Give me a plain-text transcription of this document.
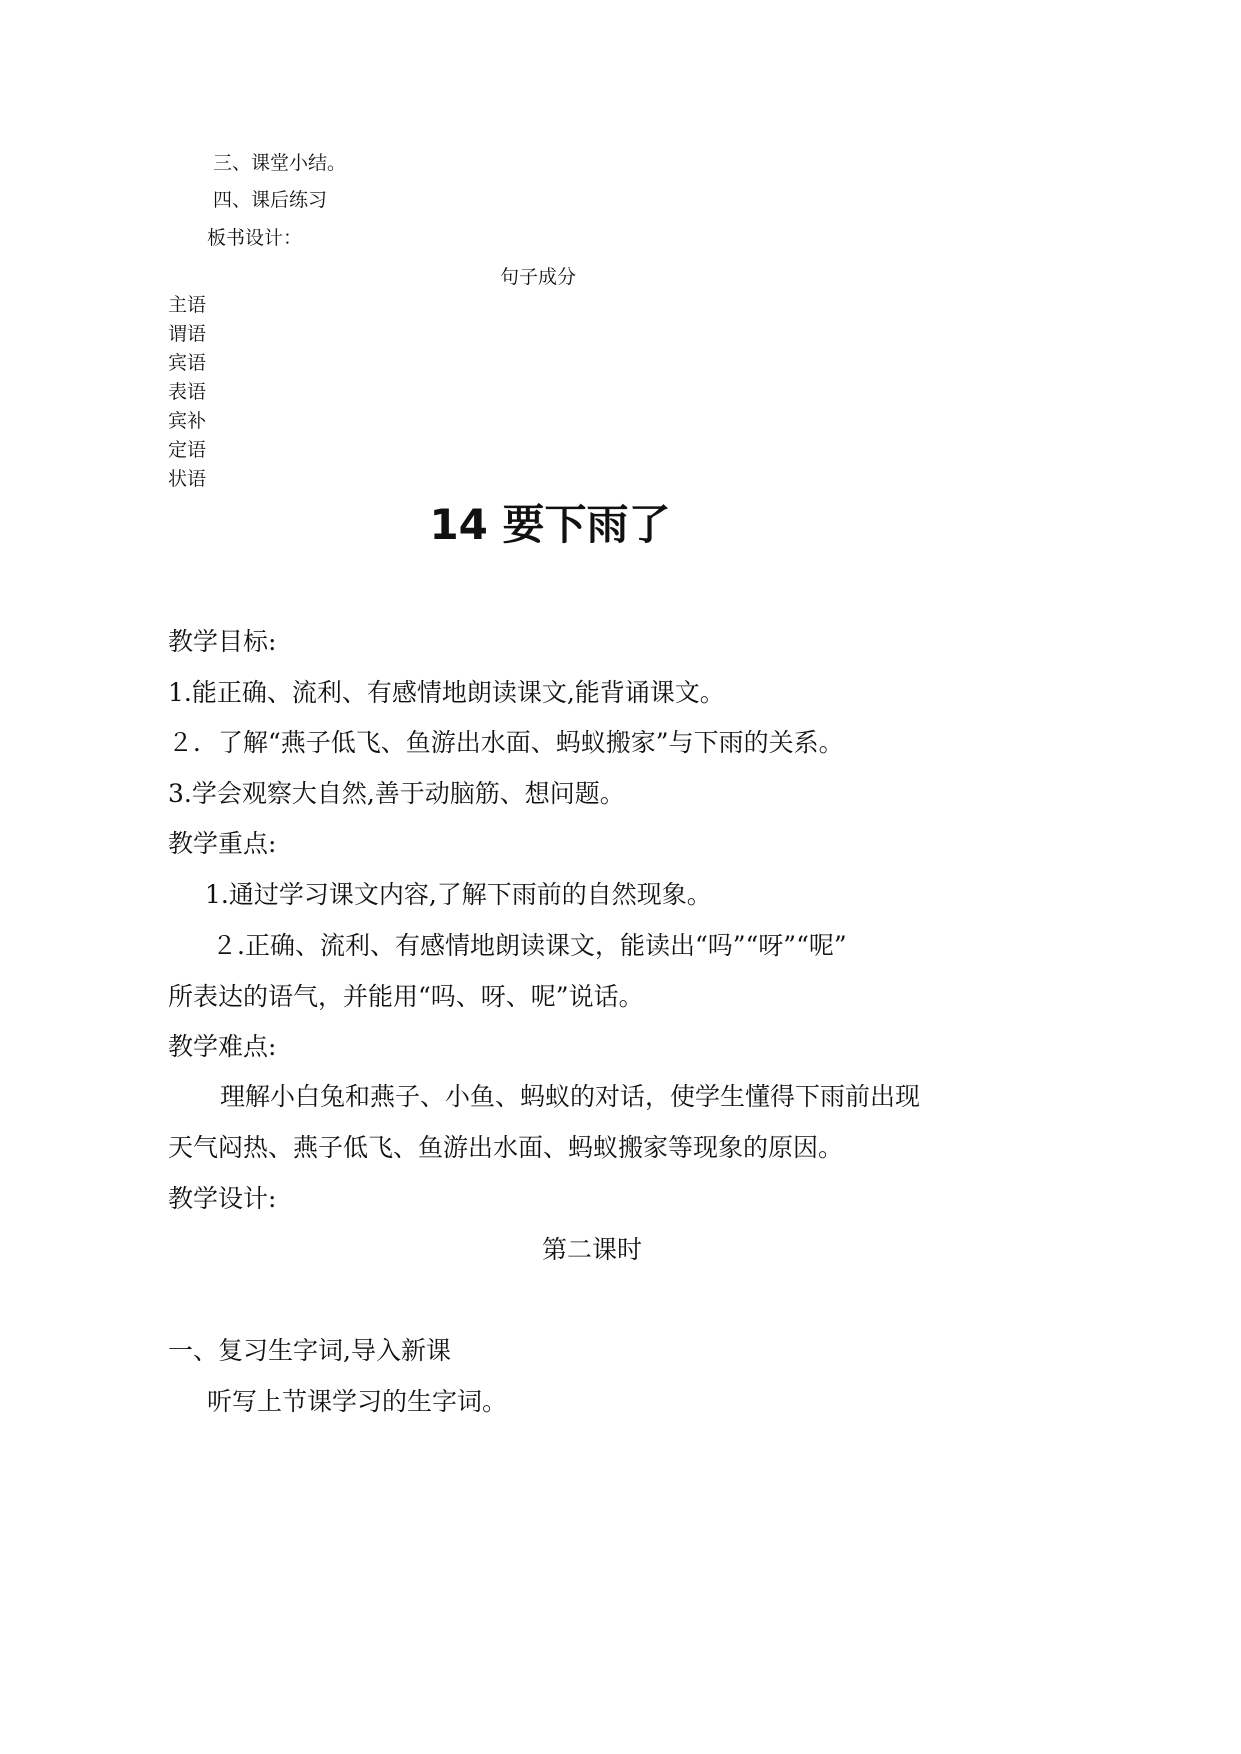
三、课堂小结。
四、课后练习
板书设计：
句子成分
主语
谓语
宾语
表语
宾补
定语
状语
14 要下雨了
教学目标:
1.能正确、流利、有感情地朗读课文,能背诵课文。
２．了解“燕子低飞、鱼游出水面、蚂蚁搬家”与下雨的关系。
3.学会观察大自然,善于动脑筋、想问题。
教学重点:
1.通过学习课文内容,了解下雨前的自然现象。
２.正确、流利、有感情地朗读课文，能读出“吗”“呀”“呢”
所表达的语气，并能用“吗、呀、呢”说话。
教学难点:
理解小白兔和燕子、小鱼、蚂蚁的对话，使学生懂得下雨前出现
天气闷热、燕子低飞、鱼游出水面、蚂蚁搬家等现象的原因。
教学设计:
第二课时
一、复习生字词,导入新课
听写上节课学习的生字词。
